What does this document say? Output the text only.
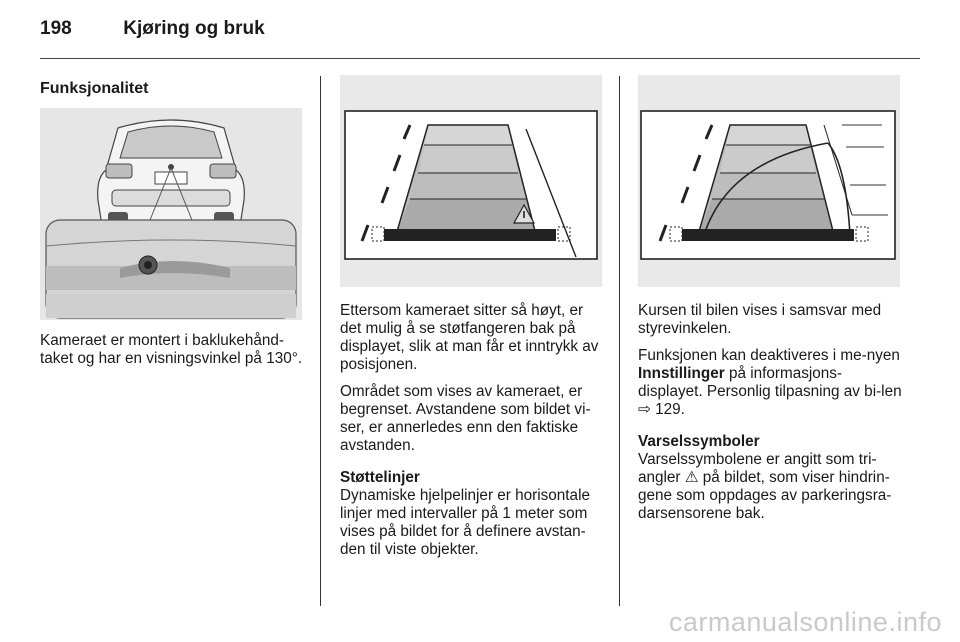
198	Kjøring og bruk
Funksjonalitet

Kameraet er montert i baklukehånd-taket og har en visningsvinkel på 130°.

Ettersom kameraet sitter så høyt, er det mulig å se støtfangeren bak på displayet, slik at man får et inntrykk av posisjonen.

Området som vises av kameraet, er begrenset. Avstandene som bildet vi-ser, er annerledes enn den faktiske avstanden.

Støttelinjer

Dynamiske hjelpelinjer er horisontale linjer med intervaller på 1 meter som vises på bildet for å definere avstan-den til viste objekter.

Kursen til bilen vises i samsvar med styrevinkelen.

Funksjonen kan deaktiveres i me-nyen Innstillinger på informasjons-displayet. Personlig tilpasning av bi-len ⇨ 129.

Varselssymboler

Varselssymbolene er angitt som tri-angler ⚠ på bildet, som viser hindrin-gene som oppdages av parkeringsra-darsensorene bak.

carmanualsonline.info
